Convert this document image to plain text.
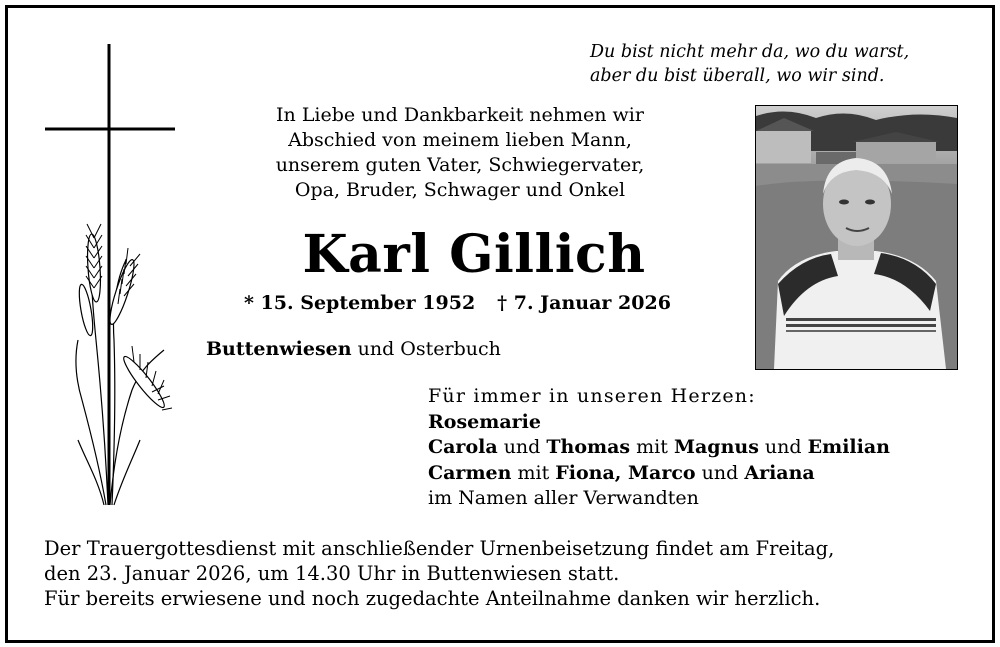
Du bist nicht mehr da, wo du warst,
aber du bist überall, wo wir sind.
In Liebe und Dankbarkeit nehmen wir
Abschied von meinem lieben Mann,
unserem guten Vater, Schwiegervater,
Opa, Bruder, Schwager und Onkel
Karl Gillich
* 15. September 1952 † 7. Januar 2026
Buttenwiesen und Osterbuch
Für immer in unseren Herzen:
Rosemarie
Carola und Thomas mit Magnus und Emilian
Carmen mit Fiona, Marco und Ariana
im Namen aller Verwandten
Der Trauergottesdienst mit anschließender Urnenbeisetzung findet am Freitag,
den 23. Januar 2026, um 14.30 Uhr in Buttenwiesen statt.
Für bereits erwiesene und noch zugedachte Anteilnahme danken wir herzlich.
